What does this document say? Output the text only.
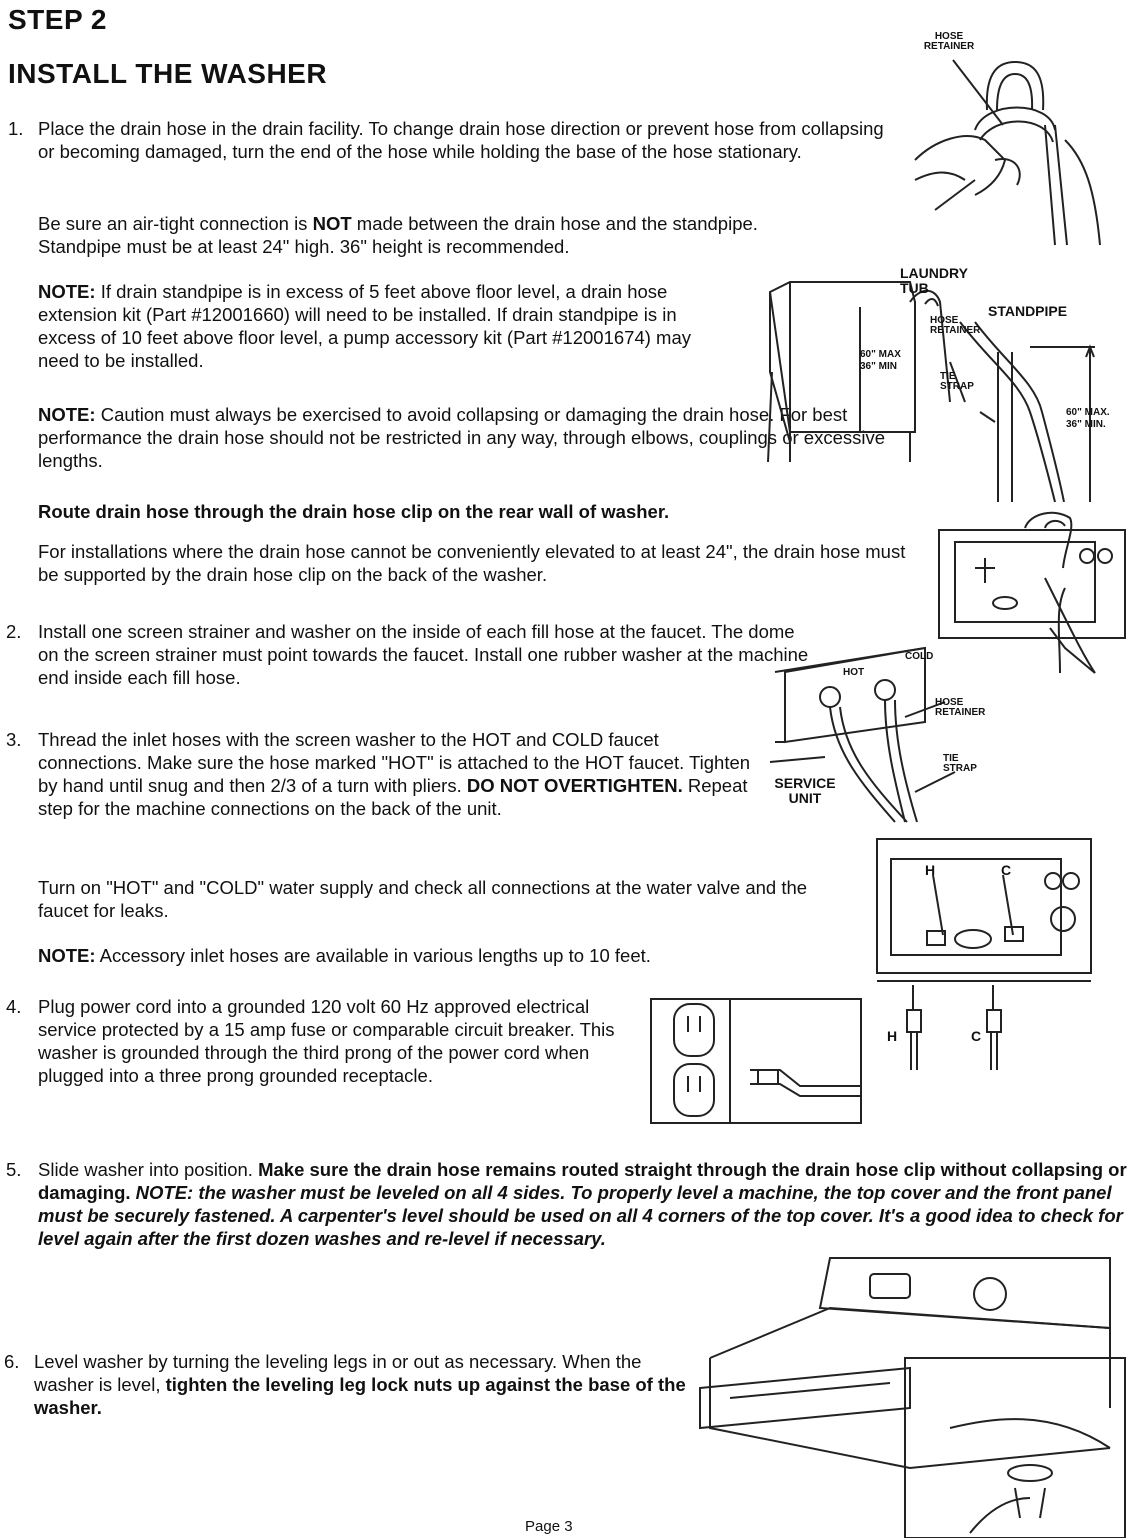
STEP 2
INSTALL THE WASHER
1. Place the drain hose in the drain facility. To change drain hose direction or prevent hose from collapsing or becoming damaged, turn the end of the hose while holding the base of the hose stationary.

Be sure an air-tight connection is NOT made between the drain hose and the standpipe. Standpipe must be at least 24" high. 36" height is recommended.

NOTE: If drain standpipe is in excess of 5 feet above floor level, a drain hose extension kit (Part #12001660) will need to be installed. If drain standpipe is in excess of 10 feet above floor level, a pump accessory kit (Part #12001674) may need to be installed.

NOTE: Caution must always be exercised to avoid collapsing or damaging the drain hose. For best performance the drain hose should not be restricted in any way, through elbows, couplings or excessive lengths.

Route drain hose through the drain hose clip on the rear wall of washer.

For installations where the drain hose cannot be conveniently elevated to at least 24", the drain hose must be supported by the drain hose clip on the back of the washer.

2. Install one screen strainer and washer on the inside of each fill hose at the faucet. The dome on the screen strainer must point towards the faucet. Install one rubber washer at the machine end inside each fill hose.

3. Thread the inlet hoses with the screen washer to the HOT and COLD faucet connections. Make sure the hose marked "HOT" is attached to the HOT faucet. Tighten by hand until snug and then 2/3 of a turn with pliers. DO NOT OVERTIGHTEN. Repeat step for the machine connections on the back of the unit.

Turn on "HOT" and "COLD" water supply and check all connections at the water valve and the faucet for leaks.

NOTE: Accessory inlet hoses are available in various lengths up to 10 feet.

4. Plug power cord into a grounded 120 volt 60 Hz approved electrical service protected by a 15 amp fuse or comparable circuit breaker. This washer is grounded through the third prong of the power cord when plugged into a three prong grounded receptacle.

5. Slide washer into position. Make sure the drain hose remains routed straight through the drain hose clip without collapsing or damaging. NOTE: the washer must be leveled on all 4 sides. To properly level a machine, the top cover and the front panel must be securely fastened. A carpenter's level should be used on all 4 corners of the top cover. It's a good idea to check for level again after the first dozen washes and re-level if necessary.

6. Level washer by turning the leveling legs in or out as necessary. When the washer is level, tighten the leveling leg lock nuts up against the base of the washer.

HOSE RETAINER
LAUNDRY TUB
HOSE RETAINER
STANDPIPE
60" MAX
36" MIN
TIE STRAP
60" MAX.
36" MIN.
HOT
COLD
HOSE RETAINER
TIE STRAP
SERVICE UNIT
H	C
H	C
Page 3
